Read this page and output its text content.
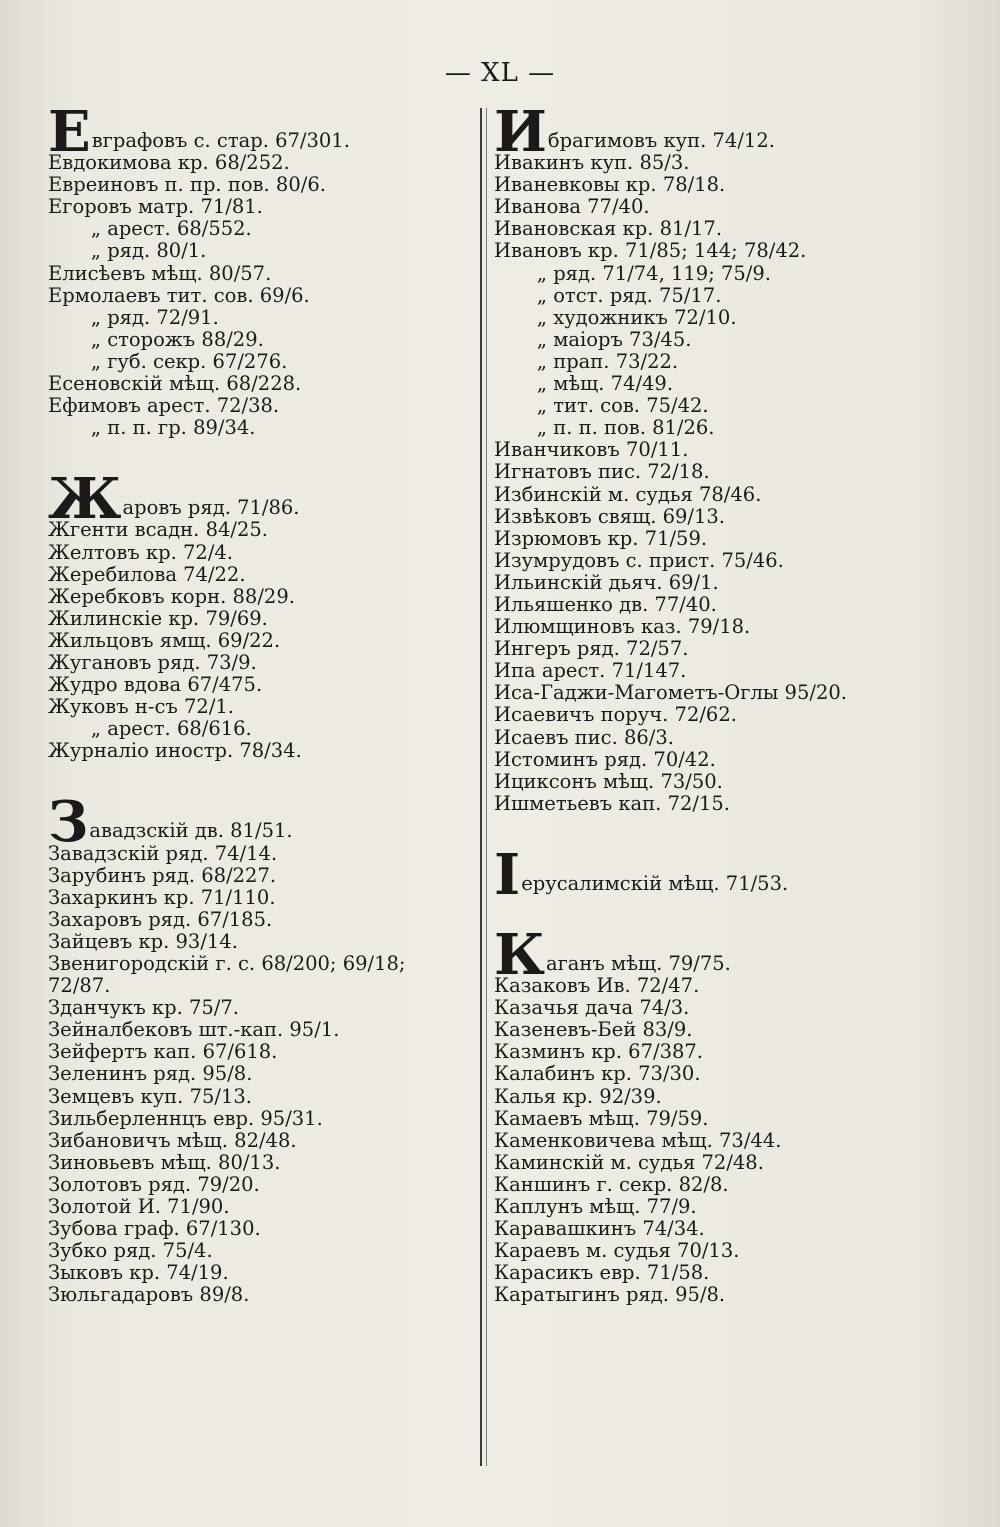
— XL —
Евграфовъ с. стар. 67/301.
Евдокимова кр. 68/252.
Евреиновъ п. пр. пов. 80/6.
Егоровъ матр. 71/81.
„ арест. 68/552.
„ ряд. 80/1.
Елисѣевъ мѣщ. 80/57.
Ермолаевъ тит. сов. 69/6.
„ ряд. 72/91.
„ сторожъ 88/29.
„ губ. секр. 67/276.
Есеновскій мѣщ. 68/228.
Ефимовъ арест. 72/38.
„ п. п. гр. 89/34.
Жаровъ ряд. 71/86.
Жгенти всадн. 84/25.
Желтовъ кр. 72/4.
Жеребилова 74/22.
Жеребковъ корн. 88/29.
Жилинскіе кр. 79/69.
Жильцовъ ямщ. 69/22.
Жугановъ ряд. 73/9.
Жудро вдова 67/475.
Жуковъ н-съ 72/1.
„ арест. 68/616.
Журналіо иностр. 78/34.
Завадзскій дв. 81/51.
Завадзскій ряд. 74/14.
Зарубинъ ряд. 68/227.
Захаркинъ кр. 71/110.
Захаровъ ряд. 67/185.
Зайцевъ кр. 93/14.
Звенигородскій г. с. 68/200; 69/18;
72/87.
Зданчукъ кр. 75/7.
Зейналбековъ шт.-кап. 95/1.
Зейфертъ кап. 67/618.
Зеленинъ ряд. 95/8.
Земцевъ куп. 75/13.
Зильберленнцъ евр. 95/31.
Зибановичъ мѣщ. 82/48.
Зиновьевъ мѣщ. 80/13.
Золотовъ ряд. 79/20.
Золотой И. 71/90.
Зубова граф. 67/130.
Зубко ряд. 75/4.
Зыковъ кр. 74/19.
Зюльгадаровъ 89/8.
Ибрагимовъ куп. 74/12.
Ивакинъ куп. 85/3.
Иваневковы кр. 78/18.
Иванова 77/40.
Ивановская кр. 81/17.
Ивановъ кр. 71/85; 144; 78/42.
„ ряд. 71/74, 119; 75/9.
„ отст. ряд. 75/17.
„ художникъ 72/10.
„ маіоръ 73/45.
„ прап. 73/22.
„ мѣщ. 74/49.
„ тит. сов. 75/42.
„ п. п. пов. 81/26.
Иванчиковъ 70/11.
Игнатовъ пис. 72/18.
Избинскій м. судья 78/46.
Извѣковъ свящ. 69/13.
Изрюмовъ кр. 71/59.
Изумрудовъ с. прист. 75/46.
Ильинскій дьяч. 69/1.
Ильяшенко дв. 77/40.
Илюмщиновъ каз. 79/18.
Ингеръ ряд. 72/57.
Ипа арест. 71/147.
Иса-Гаджи-Магометъ-Оглы 95/20.
Исаевичъ поруч. 72/62.
Исаевъ пис. 86/3.
Истоминъ ряд. 70/42.
Ициксонъ мѣщ. 73/50.
Ишметьевъ кап. 72/15.
Іерусалимскій мѣщ. 71/53.
Каганъ мѣщ. 79/75.
Казаковъ Ив. 72/47.
Казачья дача 74/3.
Казеневъ-Бей 83/9.
Казминъ кр. 67/387.
Калабинъ кр. 73/30.
Калья кр. 92/39.
Камаевъ мѣщ. 79/59.
Каменковичева мѣщ. 73/44.
Каминскій м. судья 72/48.
Каншинъ г. секр. 82/8.
Каплунъ мѣщ. 77/9.
Каравашкинъ 74/34.
Караевъ м. судья 70/13.
Карасикъ евр. 71/58.
Каратыгинъ ряд. 95/8.
